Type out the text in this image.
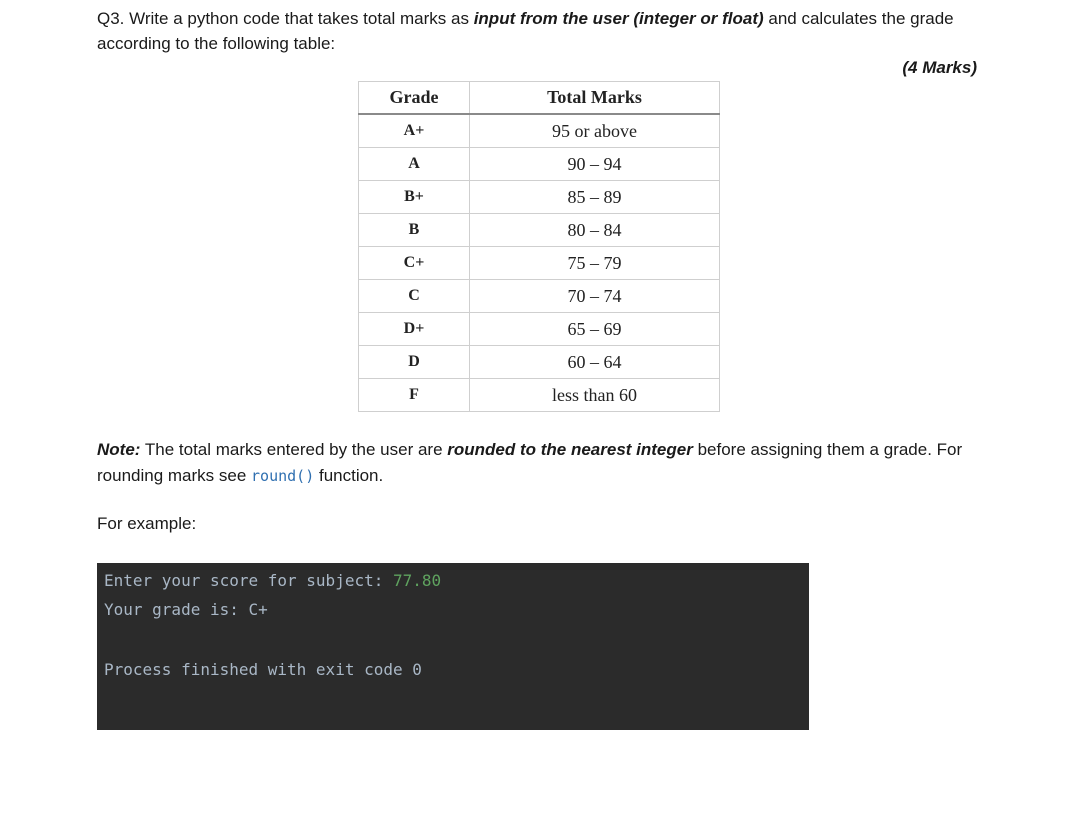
Q3. Write a python code that takes total marks as input from the user (integer or float) and calculates the grade according to the following table:
(4 Marks)
Grade	Total Marks
A+	95 or above
A	90 – 94
B+	85 – 89
B	80 – 84
C+	75 – 79
C	70 – 74
D+	65 – 69
D	60 – 64
F	less than 60
Note: The total marks entered by the user are rounded to the nearest integer before assigning them a grade. For rounding marks see round() function.
For example:
Enter your score for subject: 77.80
Your grade is: C+
Process finished with exit code 0
